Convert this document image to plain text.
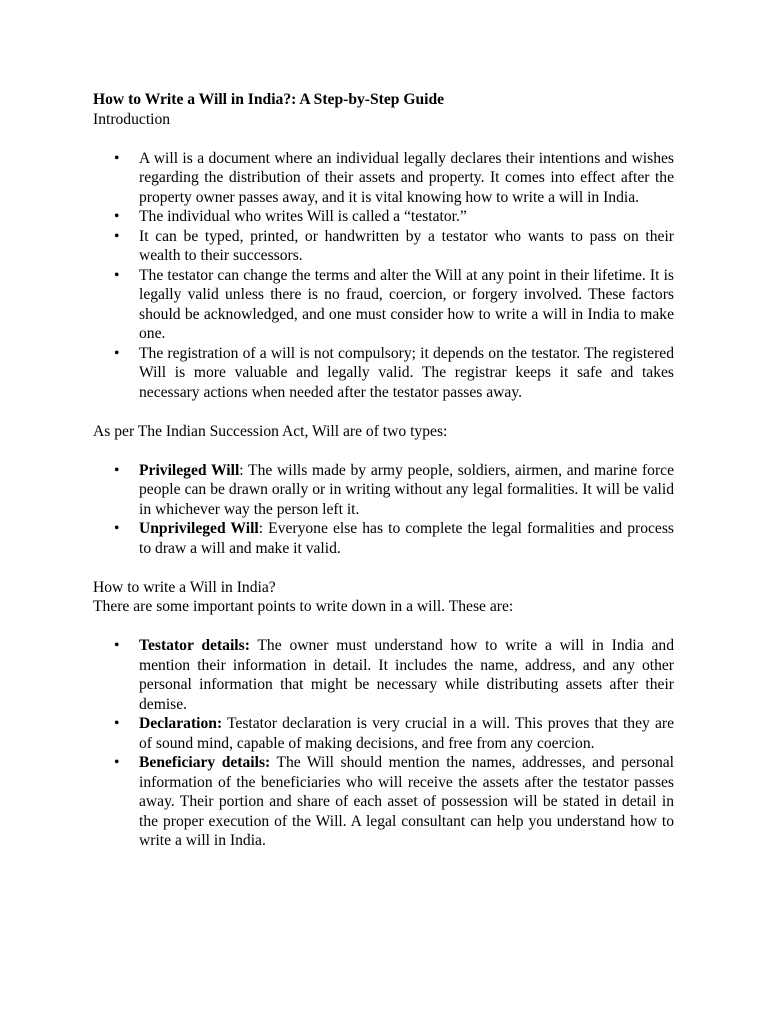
How to Write a Will in India?: A Step-by-Step Guide

Introduction

• A will is a document where an individual legally declares their intentions and wishes regarding the distribution of their assets and property. It comes into effect after the property owner passes away, and it is vital knowing how to write a will in India.
• The individual who writes Will is called a “testator.”
• It can be typed, printed, or handwritten by a testator who wants to pass on their wealth to their successors.
• The testator can change the terms and alter the Will at any point in their lifetime. It is legally valid unless there is no fraud, coercion, or forgery involved. These factors should be acknowledged, and one must consider how to write a will in India to make one.
• The registration of a will is not compulsory; it depends on the testator. The registered Will is more valuable and legally valid. The registrar keeps it safe and takes necessary actions when needed after the testator passes away.

As per The Indian Succession Act, Will are of two types:

• Privileged Will: The wills made by army people, soldiers, airmen, and marine force people can be drawn orally or in writing without any legal formalities. It will be valid in whichever way the person left it.
• Unprivileged Will: Everyone else has to complete the legal formalities and process to draw a will and make it valid.

How to write a Will in India?

There are some important points to write down in a will. These are:

• Testator details: The owner must understand how to write a will in India and mention their information in detail. It includes the name, address, and any other personal information that might be necessary while distributing assets after their demise.
• Declaration: Testator declaration is very crucial in a will. This proves that they are of sound mind, capable of making decisions, and free from any coercion.
• Beneficiary details: The Will should mention the names, addresses, and personal information of the beneficiaries who will receive the assets after the testator passes away. Their portion and share of each asset of possession will be stated in detail in the proper execution of the Will. A legal consultant can help you understand how to write a will in India.
